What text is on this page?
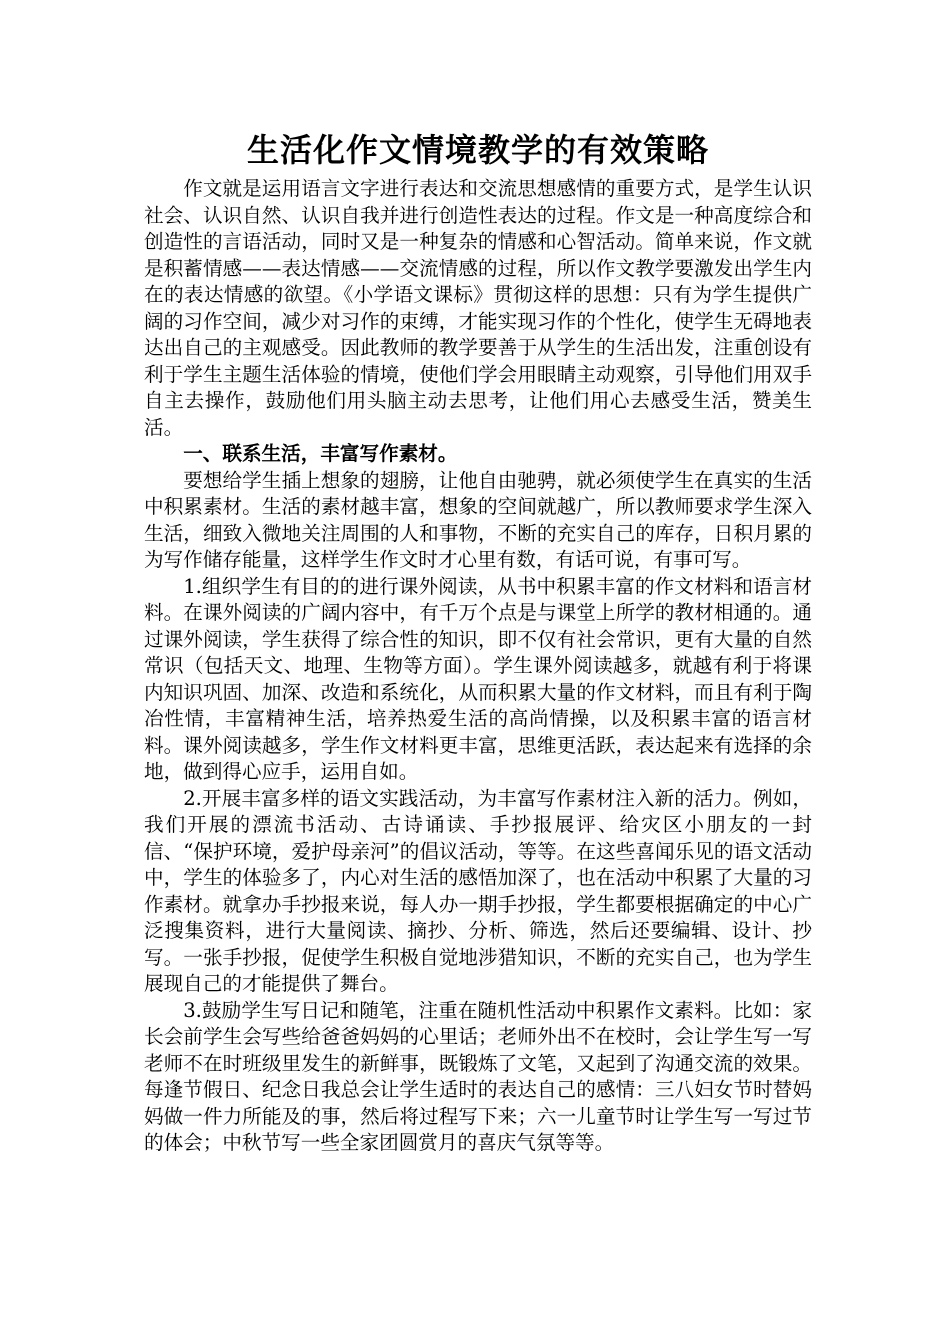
生活化作文情境教学的有效策略

作文就是运用语言文字进行表达和交流思想感情的重要方式，是学生认识社会、认识自然、认识自我并进行创造性表达的过程。作文是一种高度综合和创造性的言语活动，同时又是一种复杂的情感和心智活动。简单来说，作文就是积蓄情感——表达情感——交流情感的过程，所以作文教学要激发出学生内在的表达情感的欲望。《小学语文课标》贯彻这样的思想：只有为学生提供广阔的习作空间，减少对习作的束缚，才能实现习作的个性化，使学生无碍地表达出自己的主观感受。因此教师的教学要善于从学生的生活出发，注重创设有利于学生主题生活体验的情境，使他们学会用眼睛主动观察，引导他们用双手自主去操作，鼓励他们用头脑主动去思考，让他们用心去感受生活，赞美生活。

一、联系生活，丰富写作素材。

要想给学生插上想象的翅膀，让他自由驰骋，就必须使学生在真实的生活中积累素材。生活的素材越丰富，想象的空间就越广，所以教师要求学生深入生活，细致入微地关注周围的人和事物，不断的充实自己的库存，日积月累的为写作储存能量，这样学生作文时才心里有数，有话可说，有事可写。

1.组织学生有目的的进行课外阅读，从书中积累丰富的作文材料和语言材料。在课外阅读的广阔内容中，有千万个点是与课堂上所学的教材相通的。通过课外阅读，学生获得了综合性的知识，即不仅有社会常识，更有大量的自然常识（包括天文、地理、生物等方面）。学生课外阅读越多，就越有利于将课内知识巩固、加深、改造和系统化，从而积累大量的作文材料，而且有利于陶冶性情，丰富精神生活，培养热爱生活的高尚情操，以及积累丰富的语言材料。课外阅读越多，学生作文材料更丰富，思维更活跃，表达起来有选择的余地，做到得心应手，运用自如。

2.开展丰富多样的语文实践活动，为丰富写作素材注入新的活力。例如，我们开展的漂流书活动、古诗诵读、手抄报展评、给灾区小朋友的一封信、“保护环境，爱护母亲河”的倡议活动，等等。在这些喜闻乐见的语文活动中，学生的体验多了，内心对生活的感悟加深了，也在活动中积累了大量的习作素材。就拿办手抄报来说，每人办一期手抄报，学生都要根据确定的中心广泛搜集资料，进行大量阅读、摘抄、分析、筛选，然后还要编辑、设计、抄写。一张手抄报，促使学生积极自觉地涉猎知识，不断的充实自己，也为学生展现自己的才能提供了舞台。

3.鼓励学生写日记和随笔，注重在随机性活动中积累作文素料。比如：家长会前学生会写些给爸爸妈妈的心里话；老师外出不在校时，会让学生写一写老师不在时班级里发生的新鲜事，既锻炼了文笔，又起到了沟通交流的效果。每逢节假日、纪念日我总会让学生适时的表达自己的感情：三八妇女节时替妈妈做一件力所能及的事，然后将过程写下来；六一儿童节时让学生写一写过节的体会；中秋节写一些全家团圆赏月的喜庆气氛等等。
